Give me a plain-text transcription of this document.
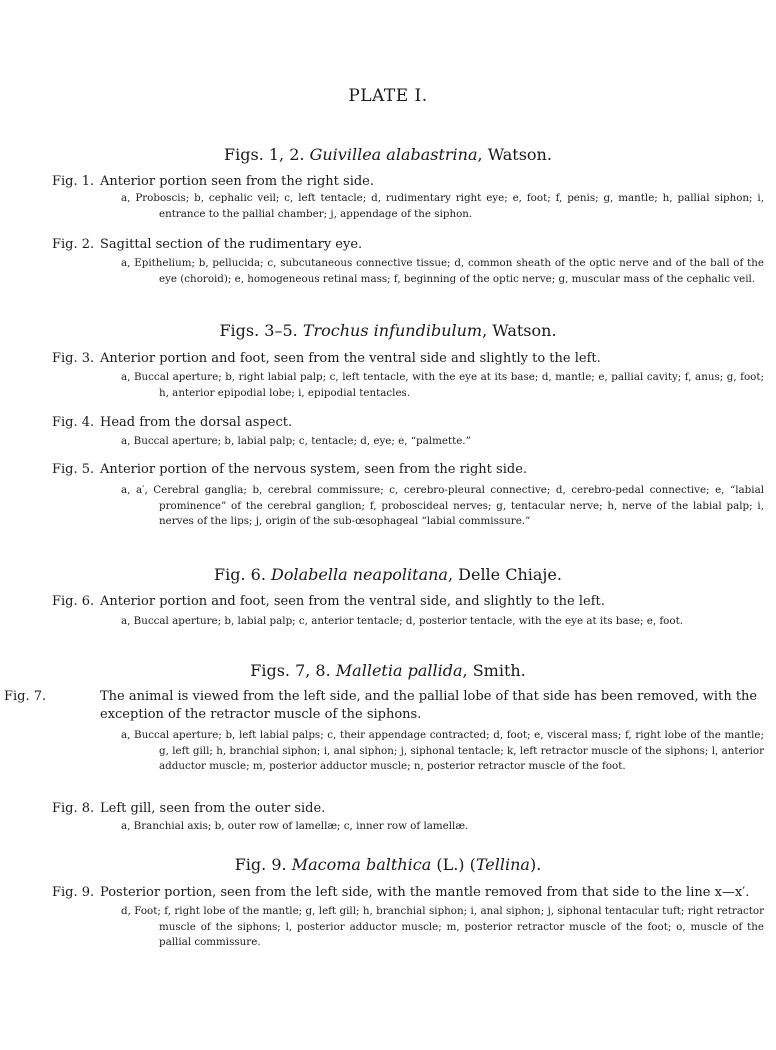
PLATE I.
Figs. 1, 2. Guivillea alabastrina, Watson.
Fig. 1. Anterior portion seen from the right side.
a, Proboscis; b, cephalic veil; c, left tentacle; d, rudimentary right eye; e, foot; f, penis; g, mantle; h, pallial siphon; i, entrance to the pallial chamber; j, appendage of the siphon.
Fig. 2. Sagittal section of the rudimentary eye.
a, Epithelium; b, pellucida; c, subcutaneous connective tissue; d, common sheath of the optic nerve and of the ball of the eye (choroid); e, homogeneous retinal mass; f, beginning of the optic nerve; g, muscular mass of the cephalic veil.
Figs. 3–5. Trochus infundibulum, Watson.
Fig. 3. Anterior portion and foot, seen from the ventral side and slightly to the left.
a, Buccal aperture; b, right labial palp; c, left tentacle, with the eye at its base; d, mantle; e, pallial cavity; f, anus; g, foot; h, anterior epipodial lobe; i, epipodial tentacles.
Fig. 4. Head from the dorsal aspect.
a, Buccal aperture; b, labial palp; c, tentacle; d, eye; e, “palmette.”
Fig. 5. Anterior portion of the nervous system, seen from the right side.
a, a′, Cerebral ganglia; b, cerebral commissure; c, cerebro-pleural connective; d, cerebro-pedal connective; e, “labial prominence” of the cerebral ganglion; f, proboscideal nerves; g, tentacular nerve; h, nerve of the labial palp; i, nerves of the lips; j, origin of the sub-œsophageal “labial commissure.”
Fig. 6. Dolabella neapolitana, Delle Chiaje.
Fig. 6. Anterior portion and foot, seen from the ventral side, and slightly to the left.
a, Buccal aperture; b, labial palp; c, anterior tentacle; d, posterior tentacle, with the eye at its base; e, foot.
Figs. 7, 8. Malletia pallida, Smith.
Fig. 7.	The animal is viewed from the left side, and the pallial lobe of that side has been removed, with the exception of the retractor muscle of the siphons.
a, Buccal aperture; b, left labial palps; c, their appendage contracted; d, foot; e, visceral mass; f, right lobe of the mantle; g, left gill; h, branchial siphon; i, anal siphon; j, siphonal tentacle; k, left retractor muscle of the siphons; l, anterior adductor muscle; m, posterior adductor muscle; n, posterior retractor muscle of the foot.
Fig. 8. Left gill, seen from the outer side.
a, Branchial axis; b, outer row of lamellæ; c, inner row of lamellæ.
Fig. 9. Macoma balthica (L.) (Tellina).
Fig. 9. Posterior portion, seen from the left side, with the mantle removed from that side to the line x—x′.
d, Foot; f, right lobe of the mantle; g, left gill; h, branchial siphon; i, anal siphon; j, siphonal tentacular tuft; right retractor muscle of the siphons; l, posterior adductor muscle; m, posterior retractor muscle of the foot; o, muscle of the pallial commissure.
